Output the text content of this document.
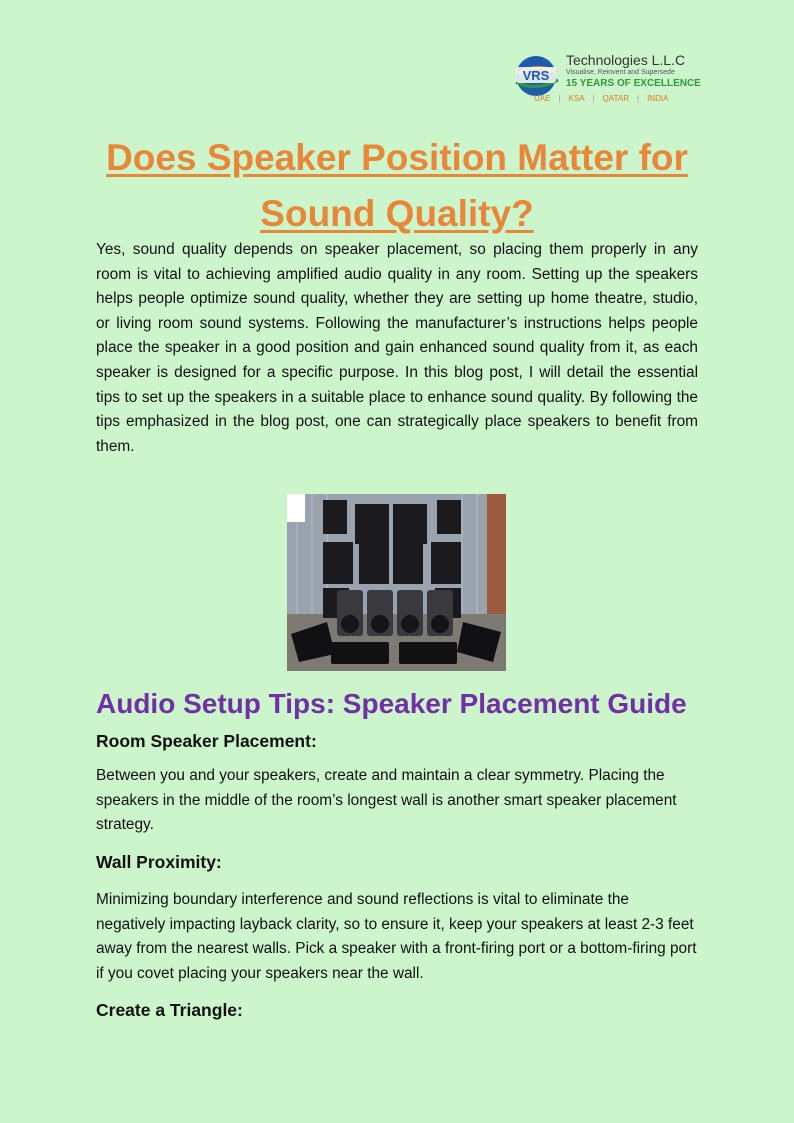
VRS
Technologies L.L.C
Visualise, Reinvent and Supersede
15 YEARS OF EXCELLENCE
UAE | KSA | QATAR | INDIA
Does Speaker Position Matter for Sound Quality?

Yes, sound quality depends on speaker placement, so placing them properly in any room is vital to achieving amplified audio quality in any room. Setting up the speakers helps people optimize sound quality, whether they are setting up home theatre, studio, or living room sound systems. Following the manufacturer’s instructions helps people place the speaker in a good position and gain enhanced sound quality from it, as each speaker is designed for a specific purpose. In this blog post, I will detail the essential tips to set up the speakers in a suitable place to enhance sound quality. By following the tips emphasized in the blog post, one can strategically place speakers to benefit from them.

Audio Setup Tips: Speaker Placement Guide
Room Speaker Placement:

Between you and your speakers, create and maintain a clear symmetry. Placing the speakers in the middle of the room’s longest wall is another smart speaker placement strategy.

Wall Proximity:

Minimizing boundary interference and sound reflections is vital to eliminate the negatively impacting layback clarity, so to ensure it, keep your speakers at least 2-3 feet away from the nearest walls. Pick a speaker with a front-firing port or a bottom-firing port if you covet placing your speakers near the wall.

Create a Triangle:
